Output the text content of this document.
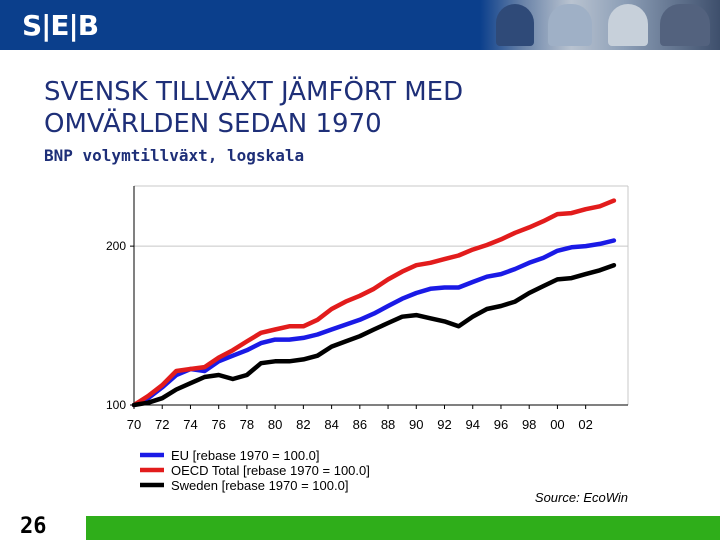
S|E|B
SVENSK TILLVÄXT JÄMFÖRT MED
OMVÄRLDEN SEDAN 1970
BNP volymtillväxt, logskala
100
200
70 72 74 76 78 80 82 84 86 88 90 92 94 96 98 00 02
EU [rebase 1970 = 100.0]
OECD Total [rebase 1970 = 100.0]
Sweden [rebase 1970 = 100.0]
Source: EcoWin
26
